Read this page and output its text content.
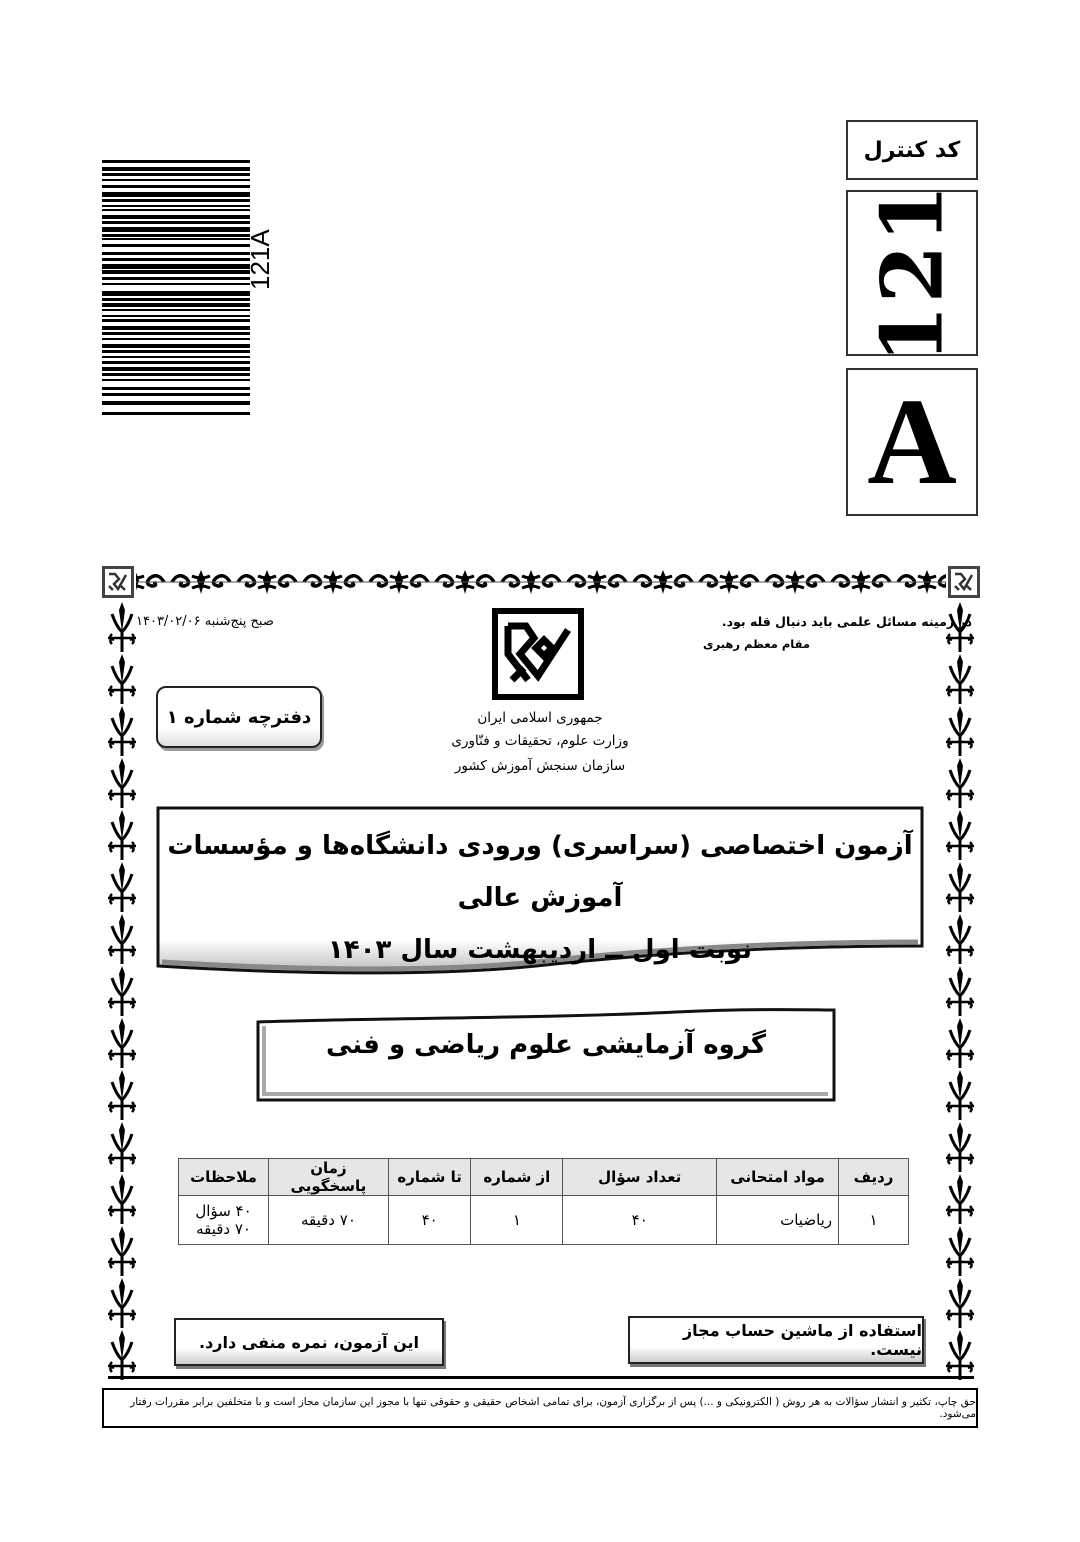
کد کنترل
121
A
121A
در زمینه مسائل علمی باید دنبال قله بود.
مقام معظم رهبری
صبح پنج‌شنبه ۱۴۰۳/۰۲/۰۶
جمهوری اسلامی ایران
وزارت علوم، تحقیقات و فنّاوری
سازمان سنجش آموزش کشور
دفترچه شماره ۱
آزمون اختصاصی (سراسری) ورودی دانشگاه‌ها و مؤسسات آموزش عالی
نوبت اول ــ اردیبهشت سال ۱۴۰۳
گروه آزمایشی علوم ریاضی و فنی
ردیف	مواد امتحانی	تعداد سؤال	از شماره	تا شماره	زمان پاسخگویی	ملاحظات
۱	ریاضیات	۴۰	۱	۴۰	۷۰ دقیقه	۴۰ سؤال
۷۰ دقیقه
استفاده از ماشین حساب مجاز نیست.
این آزمون، نمره منفی دارد.
حق چاپ، تکثیر و انتشار سؤالات به هر روش ( الکترونیکی و ...) پس از برگزاری آزمون، برای تمامی اشخاص حقیقی و حقوقی تنها با مجوز این سازمان مجاز است و با متخلفین برابر مقررات رفتار می‌شود.
